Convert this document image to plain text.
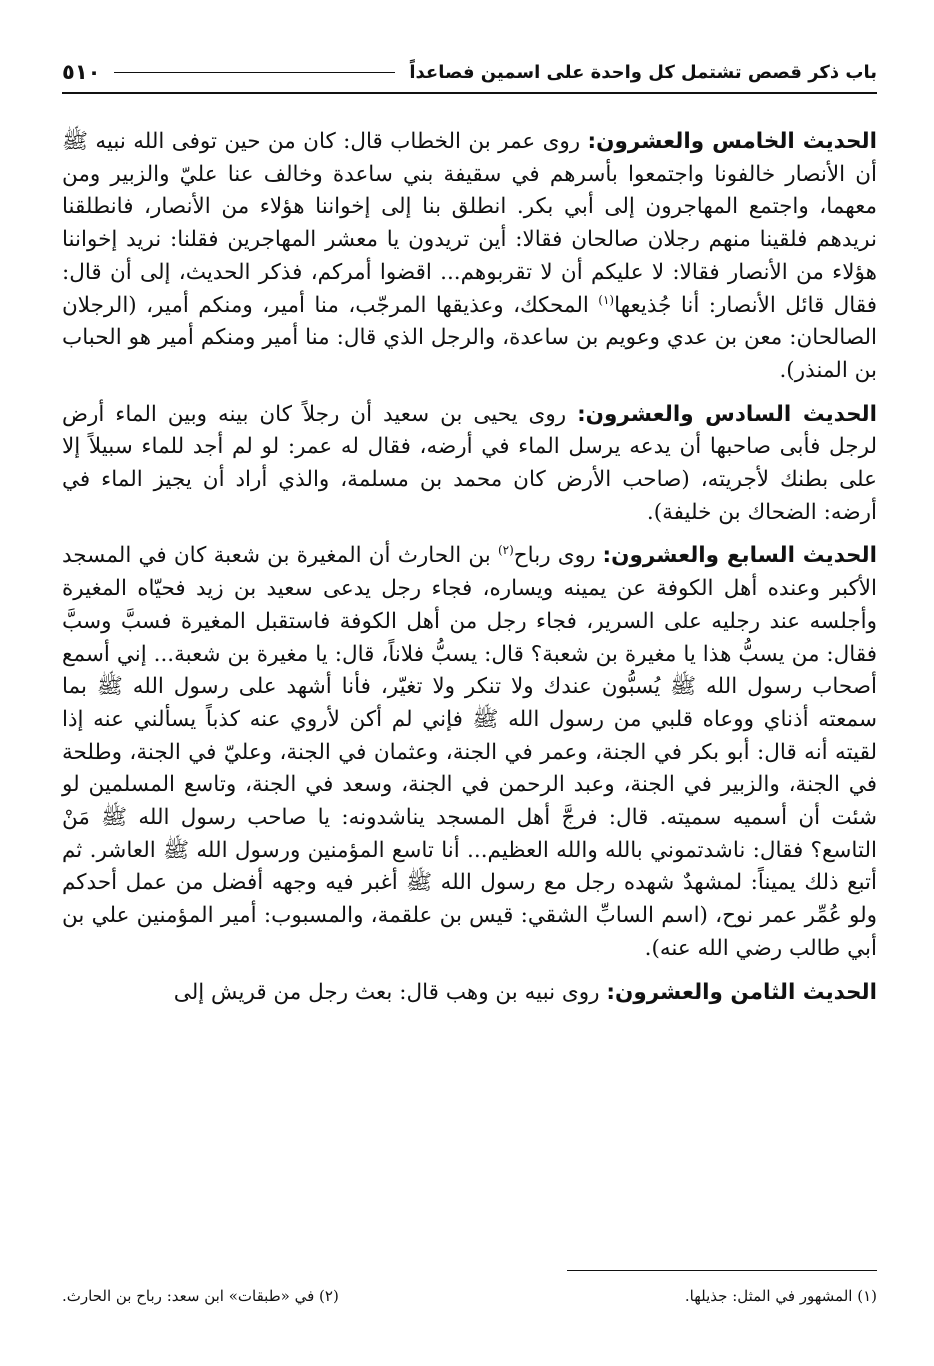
باب ذكر قصص تشتمل كل واحدة على اسمين فصاعداً
٥١٠

الحديث الخامس والعشرون: روى عمر بن الخطاب قال: كان من حين توفى الله نبيه ﷺ أن الأنصار خالفونا واجتمعوا بأسرهم في سقيفة بني ساعدة وخالف عنا عليّ والزبير ومن معهما، واجتمع المهاجرون إلى أبي بكر. انطلق بنا إلى إخواننا هؤلاء من الأنصار، فانطلقنا نريدهم فلقينا منهم رجلان صالحان فقالا: أين تريدون يا معشر المهاجرين فقلنا: نريد إخواننا هؤلاء من الأنصار فقالا: لا عليكم أن لا تقربوهم... اقضوا أمركم، فذكر الحديث، إلى أن قال: فقال قائل الأنصار: أنا جُذيعها$^{(١)}$ المحكك، وعذيقها المرجّب، منا أمير، ومنكم أمير، (الرجلان الصالحان: معن بن عدي وعويم بن ساعدة، والرجل الذي قال: منا أمير ومنكم أمير هو الحباب بن المنذر).

الحديث السادس والعشرون: روى يحيى بن سعيد أن رجلاً كان بينه وبين الماء أرض لرجل فأبى صاحبها أن يدعه يرسل الماء في أرضه، فقال له عمر: لو لم أجد للماء سبيلاً إلا على بطنك لأجريته، (صاحب الأرض كان محمد بن مسلمة، والذي أراد أن يجيز الماء في أرضه: الضحاك بن خليفة).

الحديث السابع والعشرون: روى رباح$^{(٢)}$ بن الحارث أن المغيرة بن شعبة كان في المسجد الأكبر وعنده أهل الكوفة عن يمينه ويساره، فجاء رجل يدعى سعيد بن زيد فحيّاه المغيرة وأجلسه عند رجليه على السرير، فجاء رجل من أهل الكوفة فاستقبل المغيرة فسبَّ وسبَّ فقال: من يسبُّ هذا يا مغيرة بن شعبة؟ قال: يسبُّ فلاناً، قال: يا مغيرة بن شعبة... إني أسمع أصحاب رسول الله ﷺ يُسبُّون عندك ولا تنكر ولا تغيّر، فأنا أشهد على رسول الله ﷺ بما سمعته أذناي ووعاه قلبي من رسول الله ﷺ فإني لم أكن لأروي عنه كذباً يسألني عنه إذا لقيته أنه قال: أبو بكر في الجنة، وعمر في الجنة، وعثمان في الجنة، وعليّ في الجنة، وطلحة في الجنة، والزبير في الجنة، وعبد الرحمن في الجنة، وسعد في الجنة، وتاسع المسلمين لو شئت أن أسميه سميته. قال: فرجَّ أهل المسجد يناشدونه: يا صاحب رسول الله ﷺ مَنْ التاسع؟ فقال: ناشدتموني بالله والله العظيم... أنا تاسع المؤمنين ورسول الله ﷺ العاشر. ثم أتبع ذلك يميناً: لمشهدٌ شهده رجل مع رسول الله ﷺ أغبر فيه وجهه أفضل من عمل أحدكم ولو عُمِّر عمر نوح، (اسم السابِّ الشقي: قيس بن علقمة، والمسبوب: أمير المؤمنين علي بن أبي طالب رضي الله عنه).

الحديث الثامن والعشرون: روى نبيه بن وهب قال: بعث رجل من قريش إلى

(١) المشهور في المثل: جذيلها.
(٢) في «طبقات» ابن سعد: رباح بن الحارث.
